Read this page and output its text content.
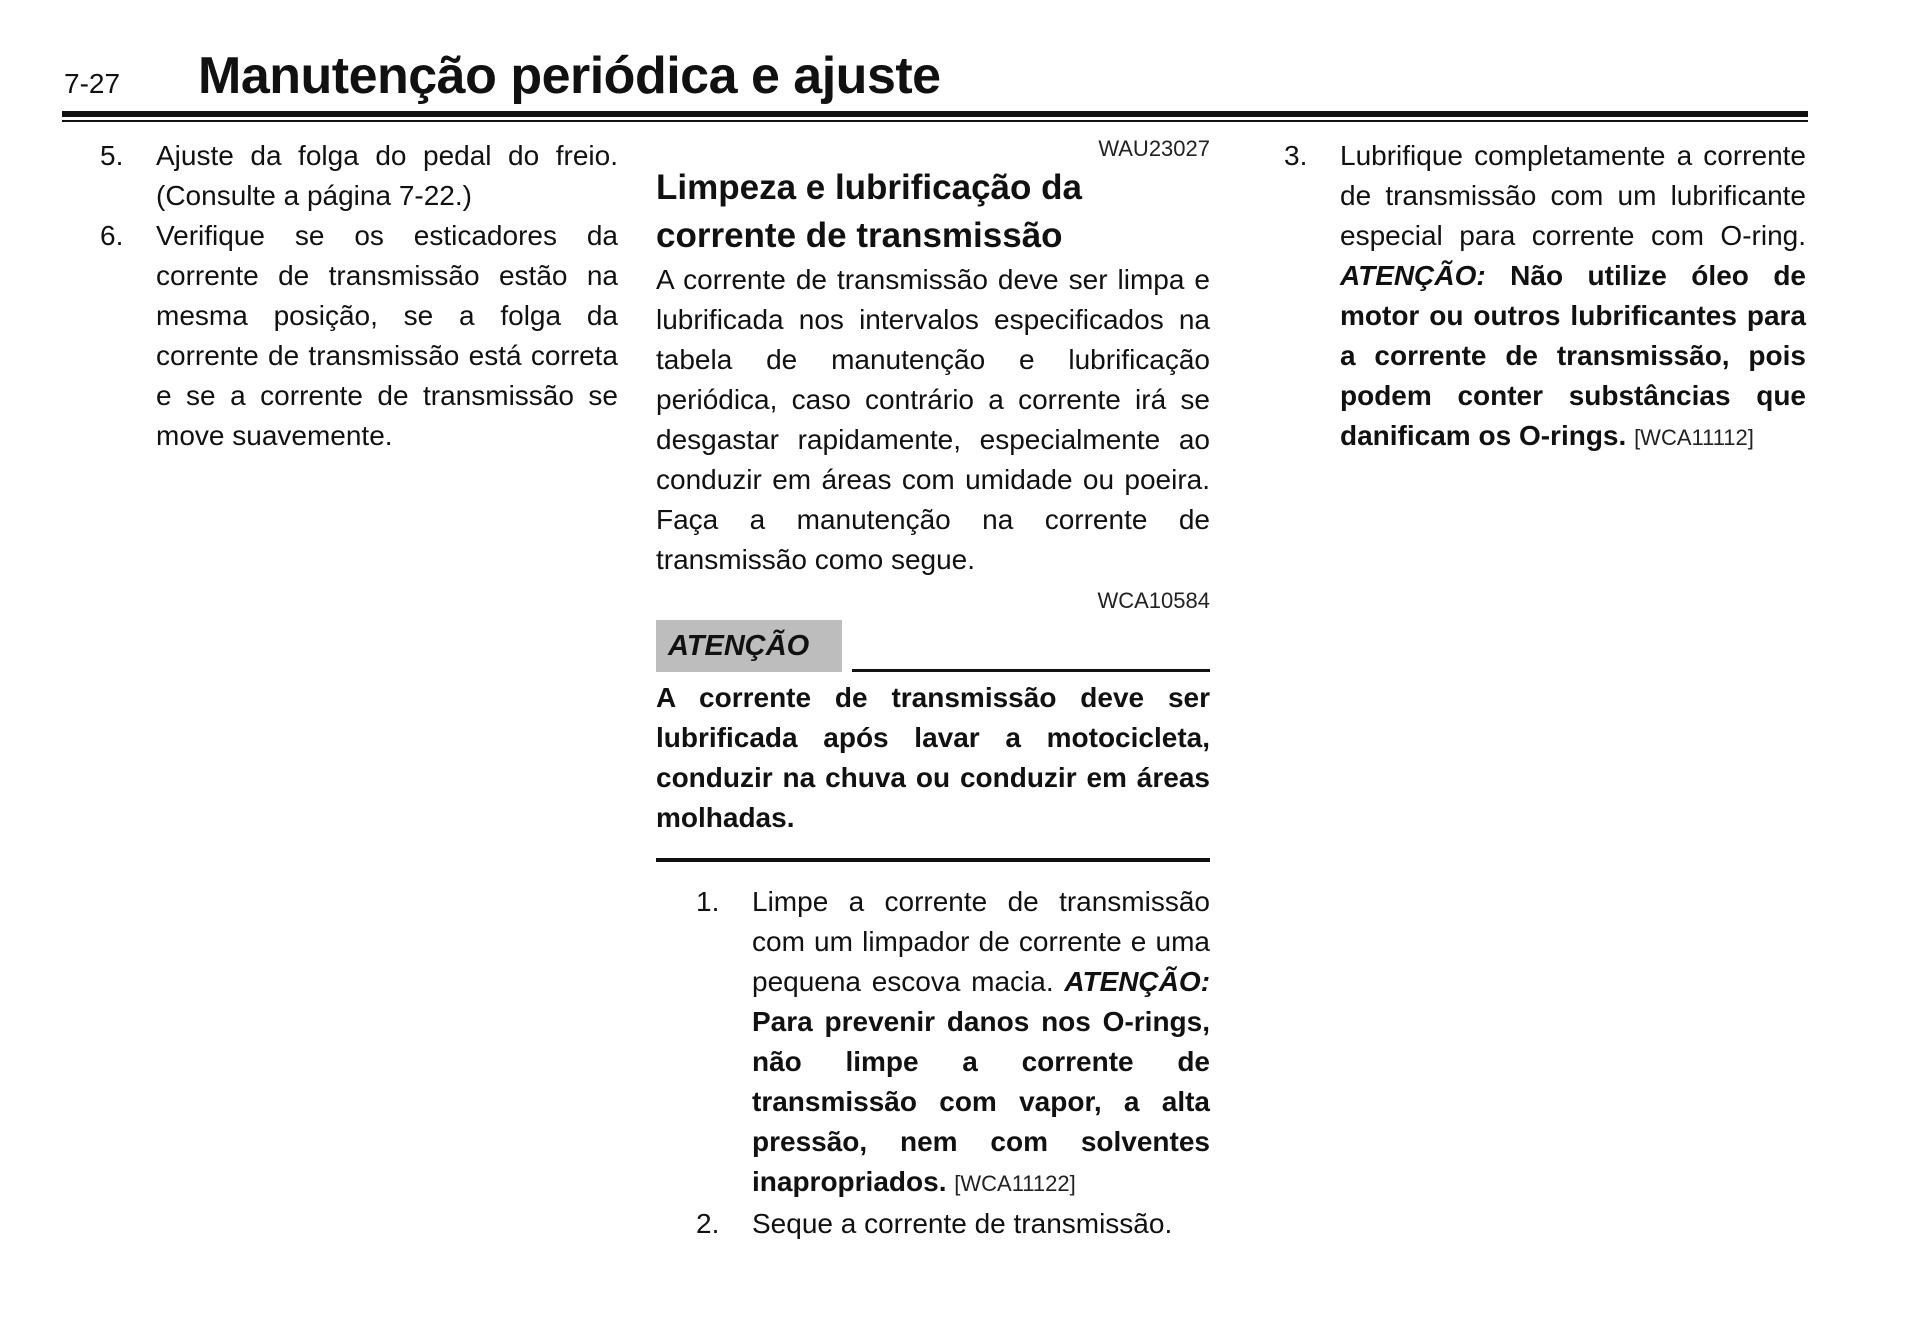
7-27 Manutenção periódica e ajuste
5.	Ajuste da folga do pedal do freio. (Consulte a página 7-22.)
6.	Verifique se os esticadores da corrente de transmissão estão na mesma posição, se a folga da corrente de transmissão está correta e se a corrente de transmissão se move suavemente.
WAU23027
Limpeza e lubrificação da corrente de transmissão

A corrente de transmissão deve ser limpa e lubrificada nos intervalos especificados na tabela de manutenção e lubrificação periódica, caso contrário a corrente irá se desgastar rapidamente, especialmente ao conduzir em áreas com umidade ou poeira. Faça a manutenção na corrente de transmissão como segue.

WCA10584
ATENÇÃO
A corrente de transmissão deve ser lubrificada após lavar a motocicleta, conduzir na chuva ou conduzir em áreas molhadas.
1.	Limpe a corrente de transmissão com um limpador de corrente e uma pequena escova macia. ATENÇÃO: Para prevenir danos nos O-rings, não limpe a corrente de transmissão com vapor, a alta pressão, nem com solventes inapropriados. [WCA11122]
2.	Seque a corrente de transmissão.
3.	Lubrifique completamente a corrente de transmissão com um lubrificante especial para corrente com O-ring. ATENÇÃO: Não utilize óleo de motor ou outros lubrificantes para a corrente de transmissão, pois podem conter substâncias que danificam os O-rings. [WCA11112]
